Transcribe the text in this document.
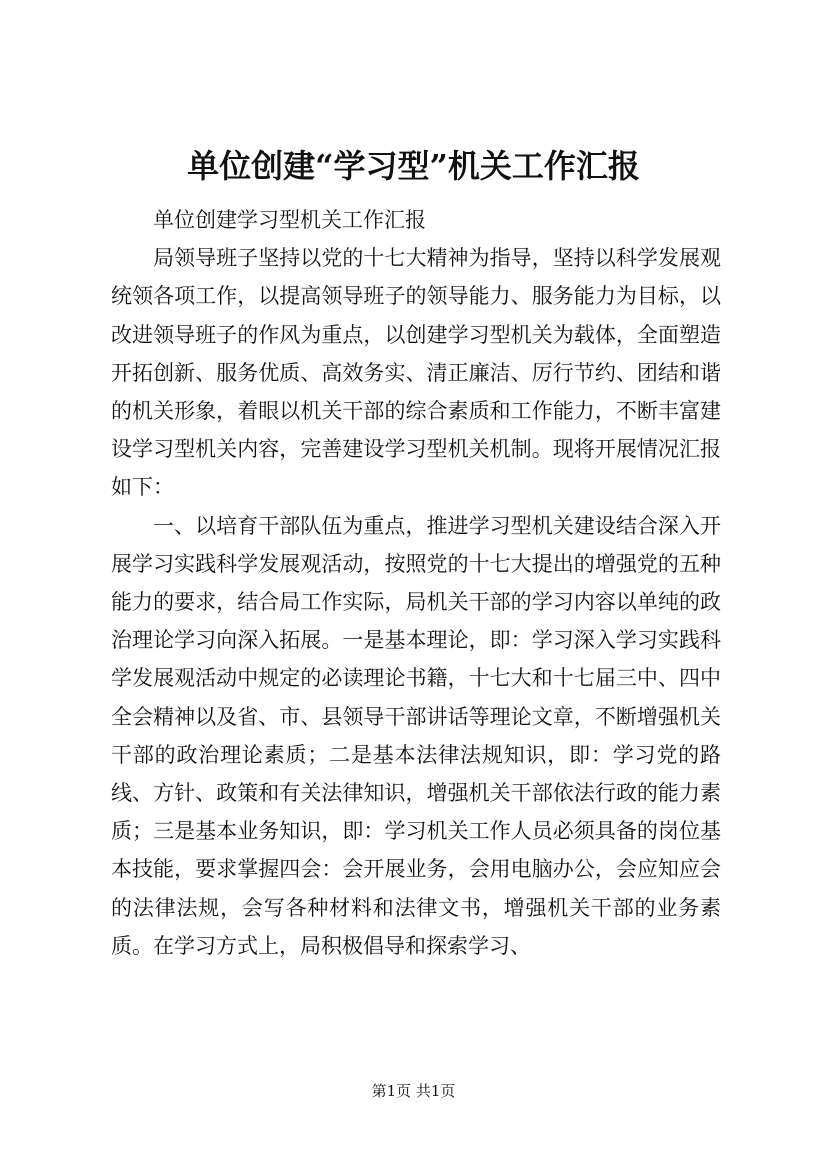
单位创建“学习型”机关工作汇报

单位创建学习型机关工作汇报

局领导班子坚持以党的十七大精神为指导，坚持以科学发展观统领各项工作，以提高领导班子的领导能力、服务能力为目标，以改进领导班子的作风为重点，以创建学习型机关为载体，全面塑造开拓创新、服务优质、高效务实、清正廉洁、厉行节约、团结和谐的机关形象，着眼以机关干部的综合素质和工作能力，不断丰富建设学习型机关内容，完善建设学习型机关机制。现将开展情况汇报如下：

一、以培育干部队伍为重点，推进学习型机关建设结合深入开展学习实践科学发展观活动，按照党的十七大提出的增强党的五种能力的要求，结合局工作实际，局机关干部的学习内容以单纯的政治理论学习向深入拓展。一是基本理论，即：学习深入学习实践科学发展观活动中规定的必读理论书籍，十七大和十七届三中、四中全会精神以及省、市、县领导干部讲话等理论文章，不断增强机关干部的政治理论素质；二是基本法律法规知识，即：学习党的路线、方针、政策和有关法律知识，增强机关干部依法行政的能力素质；三是基本业务知识，即：学习机关工作人员必须具备的岗位基本技能，要求掌握四会：会开展业务，会用电脑办公，会应知应会的法律法规，会写各种材料和法律文书，增强机关干部的业务素质。在学习方式上，局积极倡导和探索学习、

第1页 共1页
